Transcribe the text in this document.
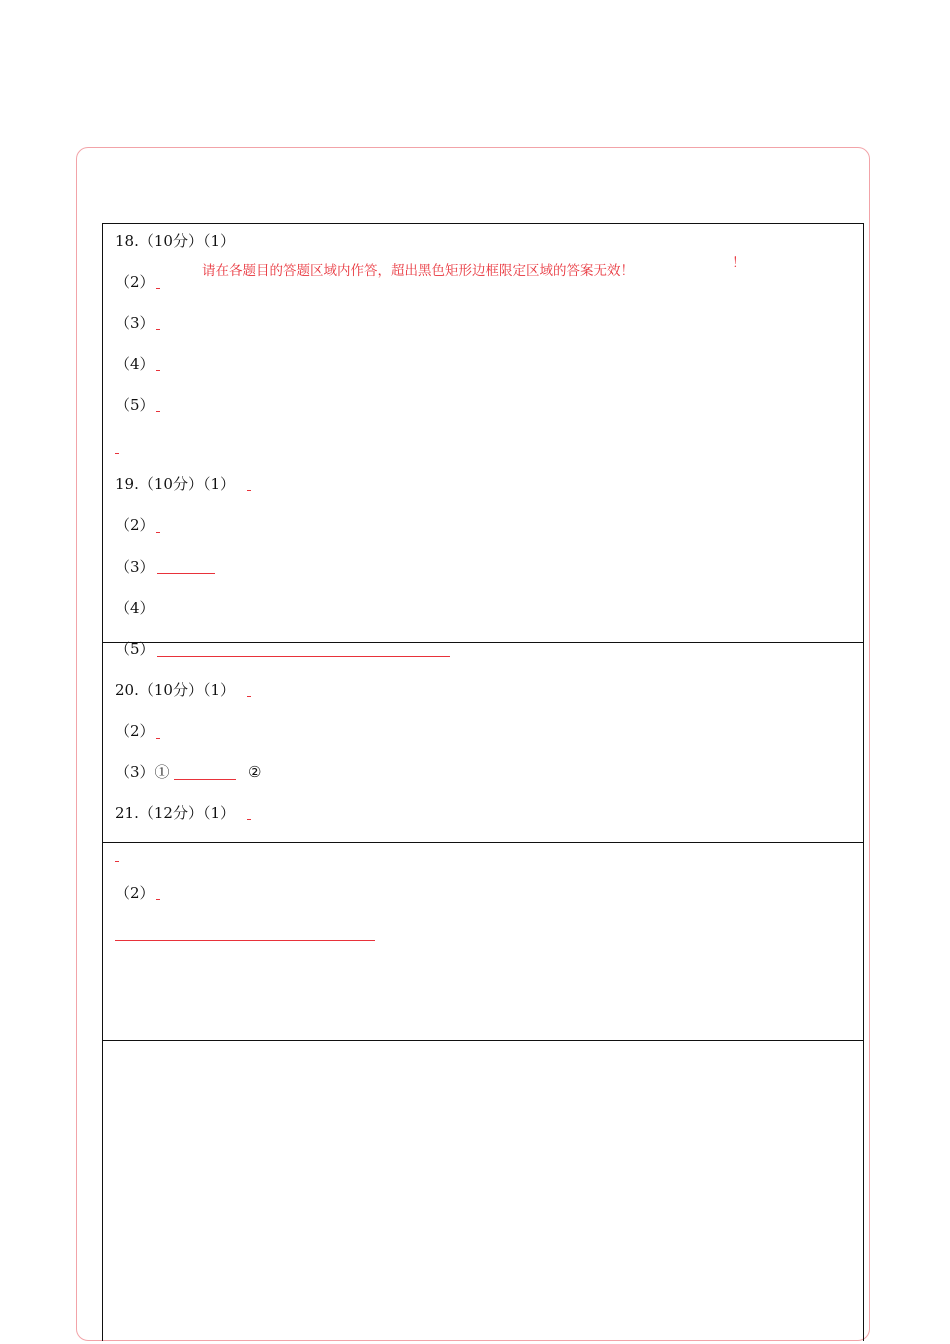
请在各题目的答题区域内作答，超出黑色矩形边框限定区域的答案无效！	！
18.（10分）（1）
（2）
（3）
（4）
（5）
19.（10分）（1）
（2）
（3）
（4）
（5）
20.（10分）（1）
（2）
（3）①	②
21.（12分）（1）
（2）
